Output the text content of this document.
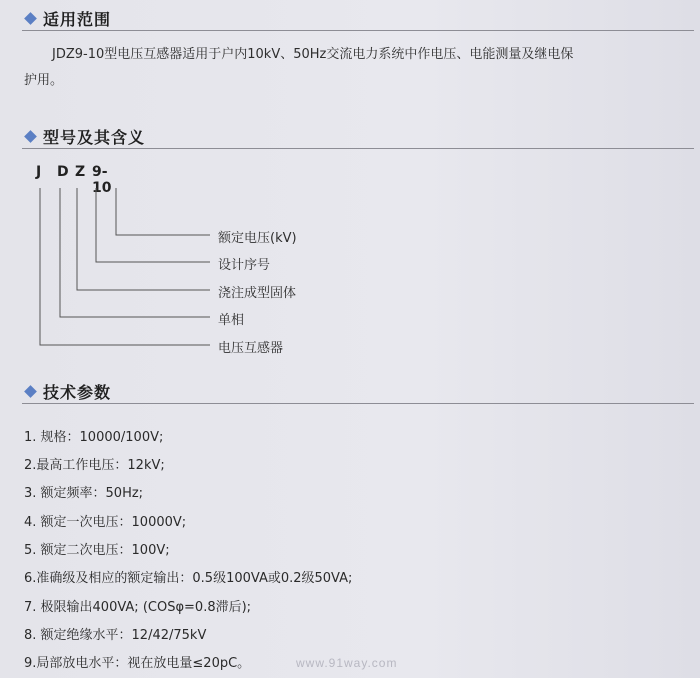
适用范围
JDZ9-10型电压互感器适用于户内10kV、50Hz交流电力系统中作电压、电能测量及继电保
护用。
型号及其含义
J D Z 9-10
额定电压(kV)
设计序号
浇注成型固体
单相
电压互感器
技术参数
1. 规格：10000/100V;
2.最高工作电压：12kV;
3. 额定频率：50Hz;
4. 额定一次电压：10000V;
5. 额定二次电压：100V;
6.准确级及相应的额定输出：0.5级100VA或0.2级50VA;
7. 极限输出400VA; (COSφ=0.8滞后);
8. 额定绝缘水平：12/42/75kV
9.局部放电水平：视在放电量≤20pC。	www.91way.com
